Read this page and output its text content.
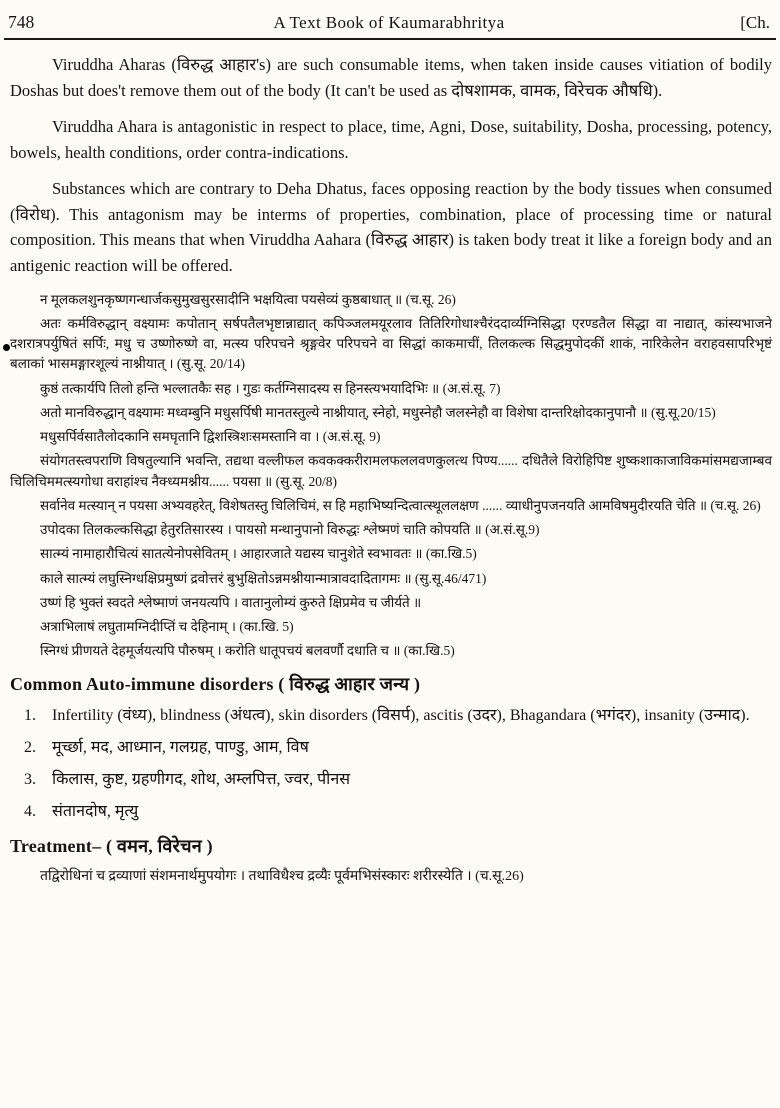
748	A Text Book of Kaumarabhritya	[Ch.

Viruddha Aharas (विरुद्ध आहार's) are such consumable items, when taken inside causes vitiation of bodily Doshas but does't remove them out of the body (It can't be used as दोषशामक, वामक, विरेचक औषधि).

Viruddha Ahara is antagonistic in respect to place, time, Agni, Dose, suitability, Dosha, processing, potency, bowels, health conditions, order contra-indications.

Substances which are contrary to Deha Dhatus, faces opposing reaction by the body tissues when consumed (विरोध). This antagonism may be interms of properties, combination, place of processing time or natural composition. This means that when Viruddha Aahara (विरुद्ध आहार) is taken body treat it like a foreign body and an antigenic reaction will be offered.

न मूलकलशुनकृष्णगन्धार्जकसुमुखसुरसादीनि भक्षयित्वा पयसेव्यं कुष्ठबाधात् ॥ (च.सू. 26)

अतः कर्मविरुद्धान् वक्ष्यामः कपोतान् सर्षपतैलभृष्टान्नाद्यात् कपिञ्जलमयूरलाव तितिरिगोधाश्चैरंददार्व्यग्निसिद्धा एरण्डतैल सिद्धा वा नाद्यात्, कांस्यभाजने दशरात्रपर्युषितं सर्पिः, मधु च उष्णोरुष्णे वा, मत्स्य परिपचने श्रृङ्गवेर परिपचने वा सिद्धां काकमाचीं, तिलकल्क सिद्धमुपोदकीं शाकं, नारिकेलेन वराहवसापरिभृष्टं बलाकां भासमङ्गारशूल्यं नाश्नीयात् । (सु.सू. 20/14)

कुष्ठं तत्कार्यपि तिलो हन्ति भल्लातकैः सह । गुडः कर्तग्निसादस्य स हिनस्त्यभयादिभिः ॥ (अ.सं.सू. 7)

अतो मानविरुद्धान् वक्ष्यामः मध्वम्बुनि मधुसर्पिषी मानतस्तुल्ये नाश्नीयात्, स्नेहो, मधुस्नेहौ जलस्नेहौ वा विशेषा दान्तरिक्षोदकानुपानौ ॥ (सु.सू.20/15)

मधुसर्पिर्वसातैलोदकानि समघृतानि द्विशस्त्रिशःसमस्तानि वा । (अ.सं.सू. 9)

संयोगतस्त्वपराणि विषतुल्यानि भवन्ति, तद्यथा वल्लीफल कवकक्करीरामलफललवणकुलत्थ पिण्य...... दधितैले विरोहिपिष्ट शुष्कशाकाजाविकमांसमद्यजाम्बव चिलिचिममत्स्यगोधा वराहांश्च नैक्ध्यमश्नीय...... पयसा ॥ (सु.सू. 20/8)

सर्वानेव मत्स्यान् न पयसा अभ्यवहरेत्, विशेषतस्तु चिलिचिमं, स हि महाभिष्यन्दित्वात्स्थूललक्षण ...... व्याधीनुपजनयति आमविषमुदीरयति चेति ॥ (च.सू. 26)

उपोदका तिलकल्कसिद्धा हेतुरतिसारस्य । पायसो मन्थानुपानो विरुद्धः श्लेष्मणं चाति कोपयति ॥ (अ.सं.सू.9)

सात्म्यं नामाहारौचित्यं सातत्येनोपसेवितम् । आहारजाते यद्यस्य चानुशेते स्वभावतः ॥ (का.खि.5)

काले सात्म्यं लघुस्निग्धक्षिप्रमुष्णं द्रवोत्तरं बुभुक्षितोऽन्नमश्नीयान्मात्रावदादितागमः ॥ (सु.सू.46/471)

उष्णं हि भुक्तं स्वदते श्लेष्माणं जनयत्यपि । वातानुलोम्यं कुरुते क्षिप्रमेव च जीर्यते ॥

अत्राभिलाषं लघुतामग्निदीप्तिं च देहिनाम् । (का.खि. 5)

स्निग्धं प्रीणयते देहमूर्जयत्यपि पौरुषम् । करोति धातूपचयं बलवर्णौ दधाति च ॥ (का.खि.5)

Common Auto-immune disorders ( विरुद्ध आहार जन्य )
1.	Infertility (वंध्य), blindness (अंधत्व), skin disorders (विसर्प), ascitis (उदर), Bhagandara (भगंदर), insanity (उन्माद).
2.	मूर्च्छा, मद, आध्मान, गलग्रह, पाण्डु, आम, विष
3.	किलास, कुष्ट, ग्रहणीगद, शोथ, अम्लपित्त, ज्वर, पीनस
4.	संतानदोष, मृत्यु
Treatment– ( वमन, विरेचन )

तद्विरोधिनां च द्रव्याणां संशमनार्थमुपयोगः । तथाविधैश्च द्रव्यैः पूर्वमभिसंस्कारः शरीरस्येति । (च.सू.26)
